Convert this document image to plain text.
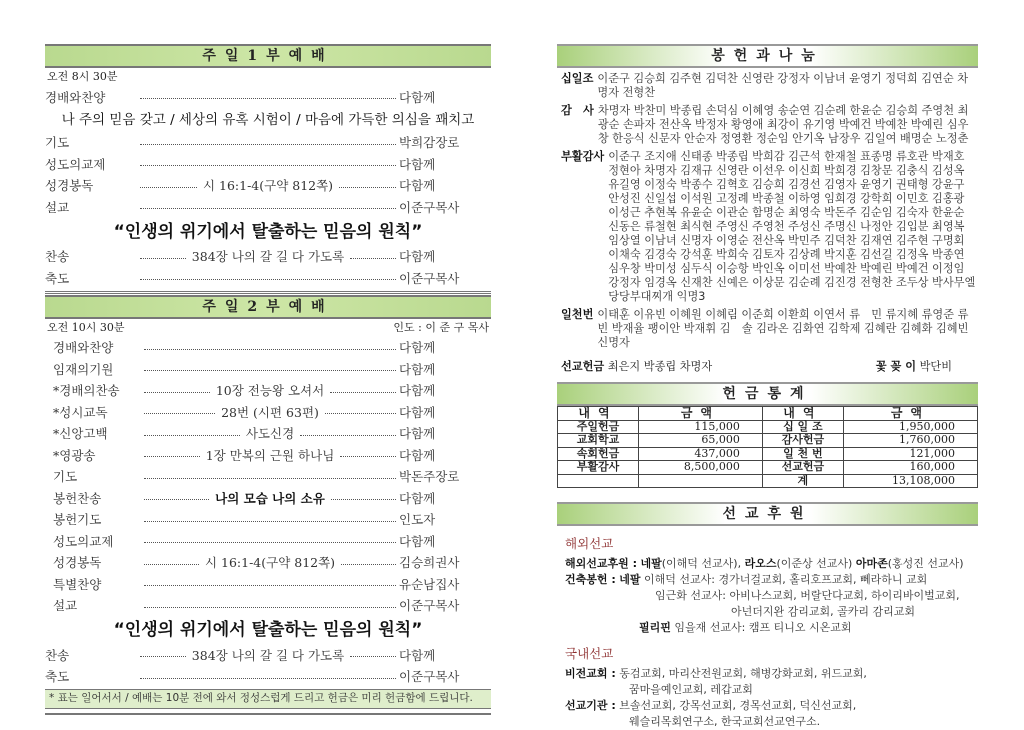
주일1부예배
오전 8시 30분
경배와찬양	다함께
나 주의 믿음 갖고 / 세상의 유혹 시험이 / 마음에 가득한 의심을 꽤치고
기도	박희감장로
성도의교제	다함께
성경봉독	시 16:1-4(구약 812쪽)	다함께
설교	이준구목사
“인생의 위기에서 탈출하는 믿음의 원칙”
찬송	384장 나의 갈 길 다 가도록	다함께
축도	이준구목사
주일2부예배
오전 10시 30분	인도 : 이 준 구 목사
경배와찬양	다함께
임재의기원	다함께
*경배의찬송	10장 전능왕 오셔서	다함께
*성시교독	28번 (시편 63편)	다함께
*신앙고백	사도신경	다함께
*영광송	1장 만복의 근원 하나님	다함께
기도	박돈주장로
봉헌찬송	나의 모습 나의 소유	다함께
봉헌기도	인도자
성도의교제	다함께
성경봉독	시 16:1-4(구약 812쪽)	김승희권사
특별찬양	유순남집사
설교	이준구목사
“인생의 위기에서 탈출하는 믿음의 원칙”
찬송	384장 나의 갈 길 다 가도록	다함께
축도	이준구목사
* 표는 일어서서 / 예배는 10분 전에 와서 정성스럽게 드리고 헌금은 미리 헌금함에 드립니다.
봉헌과나눔
십일조 이준구 김승희 김주현 김덕찬 신영란 강정자 이남녀 윤영기 정덕희 김연순 차명자 전형찬
감　사 차명자 박찬미 박종립 손덕심 이혜영 송순연 김순례 한윤순 김승희 주영천 최광순 손파자 전산옥 박정자 황영애 최강이 유기영 박예건 박예찬 박예린 심우창 한응식 신문자 안순자 정영환 정순임 안기옥 남장우 김일여 배명순 노정춘
부활감사 이준구 조지애 신태종 박종립 박희감 김근석 한재철 표종명 류호관 박재호 정현아 차명자 김재규 신영란 이선우 이신희 박희경 김창문 김충식 김성옥 유길영 이정숙 박종수 김혁호 김승희 김경선 김영자 윤영기 권태형 강윤구 안성진 신일섭 이석원 고정례 박종철 이하영 임희경 강학희 이민호 김홍광 이성근 추현복 유윤순 이관순 함명순 최영숙 박돈주 김순임 김숙자 한윤순 신동은 류철현 최식현 주영신 주영천 주성신 주명신 나정안 김입분 최영복 임상열 이남녀 신명자 이영순 전산옥 박민주 김덕찬 김재연 김주현 구명회 이채숙 김경숙 강석훈 박희숙 김토자 김상례 박지훈 김선길 김정옥 박종연 심우창 박미성 심두식 이승항 박인옥 이미선 박예찬 박예린 박예건 이정임 강정자 임경옥 신재찬 신예은 이상문 김순례 김진경 전형찬 조두상 박사무엘 당당부대찌개 익명3
일천번 이태훈 이유빈 이혜원 이혜림 이준희 이환희 이연서 류　민 류지혜 류영준 류　빈 박재율 팽이안 박재휘 김　솔 김라온 김화연 김학제 김혜란 김혜화 김혜빈 신명자
선교헌금 최은지 박종립 차명자	꽃 꽂 이 박단비
헌금통계
내역	금액	내역	금액
주일헌금	115,000	십 일 조	1,950,000
교회학교	65,000	감사헌금	1,760,000
속회헌금	437,000	일 천 번	121,000
부활감사	8,500,000	선교헌금	160,000
		계	13,108,000
선교후원
해외선교
해외선교후원 : 네팔(이해덕 선교사), 라오스(이준상 선교사) 아마존(홍성진 선교사)
건축봉헌 : 네팔 이해덕 선교사: 경가너걸교회, 홀리호프교회, 뻬라하니 교회
임근화 선교사: 아비나스교회, 버랄단다교회, 하이리바이벌교회,
아넌더지완 감리교회, 골카리 감리교회
필리핀 임을재 선교사: 캠프 티니오 시온교회
국내선교
비전교회 : 동검교회, 마리산전원교회, 해병강화교회, 위드교회,
꿈마을예인교회, 레갑교회
선교기관 : 브솔선교회, 강목선교회, 경목선교회, 덕신선교회,
웨슬리목회연구소, 한국교회선교연구소.
